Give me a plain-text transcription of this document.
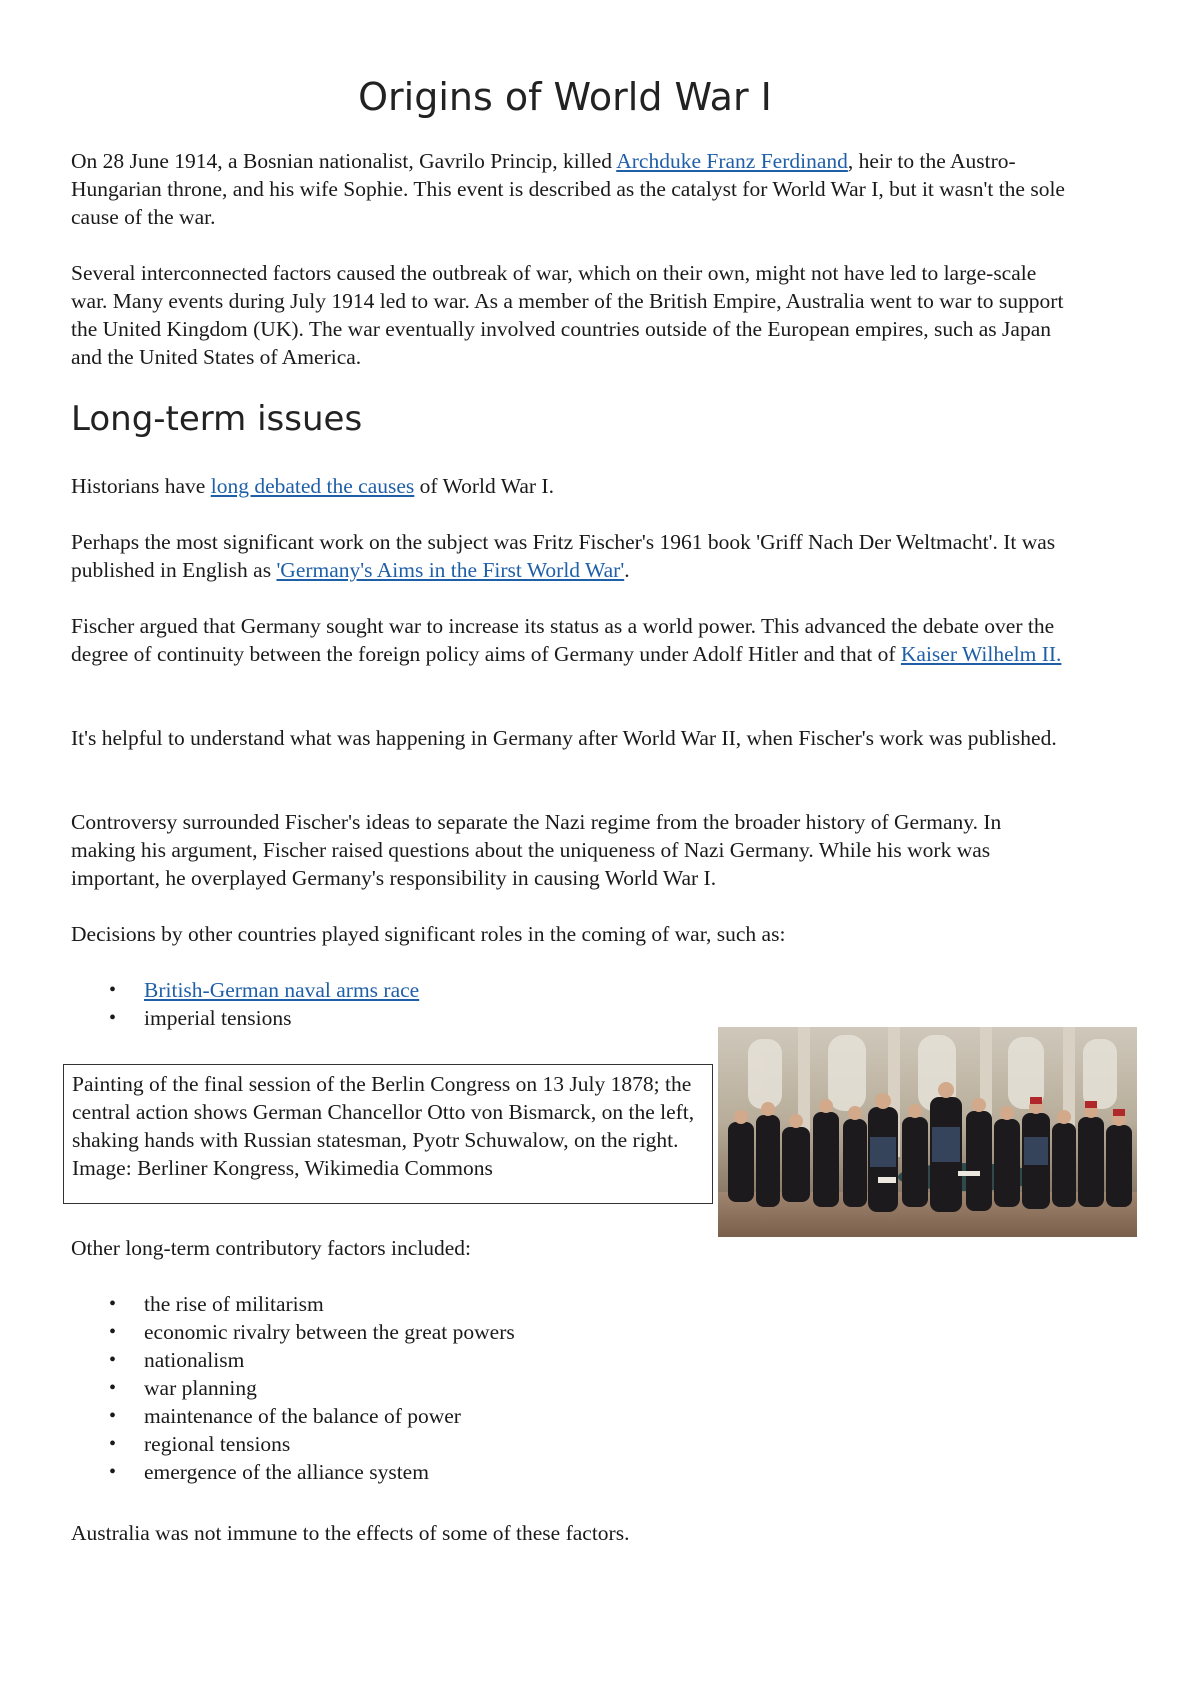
Origins of World War I

On 28 June 1914, a Bosnian nationalist, Gavrilo Princip, killed Archduke Franz Ferdinand, heir to the Austro-Hungarian throne, and his wife Sophie. This event is described as the catalyst for World War I, but it wasn't the sole cause of the war.

Several interconnected factors caused the outbreak of war, which on their own, might not have led to large-scale war. Many events during July 1914 led to war. As a member of the British Empire, Australia went to war to support the United Kingdom (UK). The war eventually involved countries outside of the European empires, such as Japan and the United States of America.

Long-term issues

Historians have long debated the causes of World War I.

Perhaps the most significant work on the subject was Fritz Fischer's 1961 book 'Griff Nach Der Weltmacht'. It was published in English as 'Germany's Aims in the First World War'.

Fischer argued that Germany sought war to increase its status as a world power. This advanced the debate over the degree of continuity between the foreign policy aims of Germany under Adolf Hitler and that of Kaiser Wilhelm II.

It's helpful to understand what was happening in Germany after World War II, when Fischer's work was published.

Controversy surrounded Fischer's ideas to separate the Nazi regime from the broader history of Germany. In making his argument, Fischer raised questions about the uniqueness of Nazi Germany. While his work was important, he overplayed Germany's responsibility in causing World War I.

Decisions by other countries played significant roles in the coming of war, such as:

• British-German naval arms race
• imperial tensions
Painting of the final session of the Berlin Congress on 13 July 1878; the central action shows German Chancellor Otto von Bismarck, on the left, shaking hands with Russian statesman, Pyotr Schuwalow, on the right. Image: Berliner Kongress, Wikimedia Commons

Other long-term contributory factors included:

• the rise of militarism
• economic rivalry between the great powers
• nationalism
• war planning
• maintenance of the balance of power
• regional tensions
• emergence of the alliance system

Australia was not immune to the effects of some of these factors.
